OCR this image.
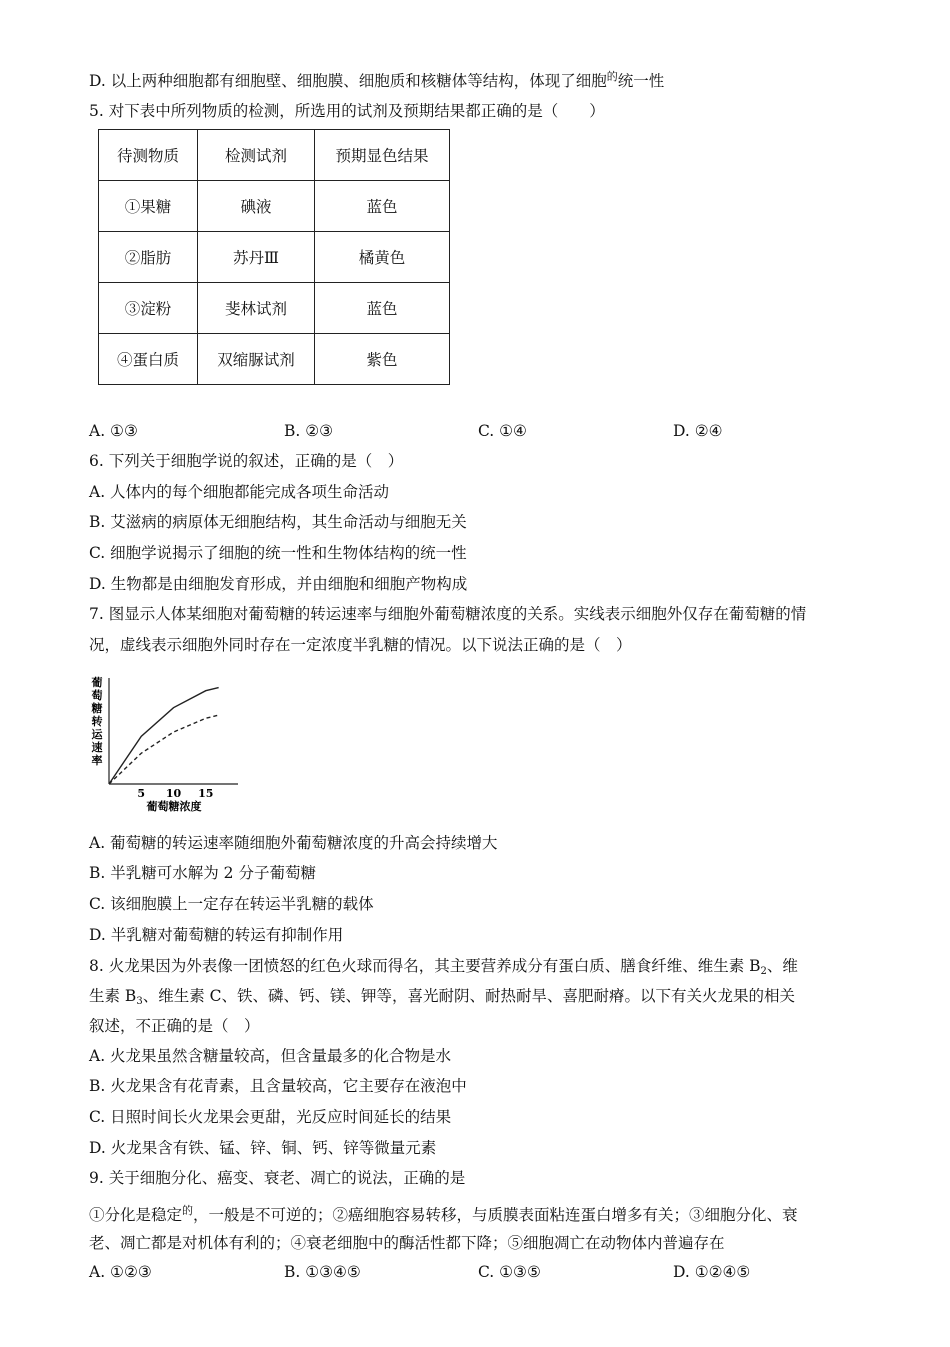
D. 以上两种细胞都有细胞壁、细胞膜、细胞质和核糖体等结构，体现了细胞$^的$统一性
5. 对下表中所列物质的检测，所选用的试剂及预期结果都正确的是（　　）
待测物质	检测试剂	预期显色结果
①果糖	碘液	蓝色
②脂肪	苏丹Ⅲ	橘黄色
③淀粉	斐林试剂	蓝色
④蛋白质	双缩脲试剂	紫色
A. ①③	B. ②③	C. ①④	D. ②④
6. 下列关于细胞学说的叙述，正确的是（　）
A. 人体内的每个细胞都能完成各项生命活动
B. 艾滋病的病原体无细胞结构，其生命活动与细胞无关
C. 细胞学说揭示了细胞的统一性和生物体结构的统一性
D. 生物都是由细胞发育形成，并由细胞和细胞产物构成
7. 图显示人体某细胞对葡萄糖的转运速率与细胞外葡萄糖浓度的关系。实线表示细胞外仅存在葡萄糖的情
况，虚线表示细胞外同时存在一定浓度半乳糖的情况。以下说法正确的是（　）
葡萄糖转运速率
5 10 15
葡萄糖浓度
A. 葡萄糖的转运速率随细胞外葡萄糖浓度的升高会持续增大
B. 半乳糖可水解为 2 分子葡萄糖
C. 该细胞膜上一定存在转运半乳糖的载体
D. 半乳糖对葡萄糖的转运有抑制作用
8. 火龙果因为外表像一团愤怒的红色火球而得名，其主要营养成分有蛋白质、膳食纤维、维生素 B2、维
生素 B3、维生素 C、铁、磷、钙、镁、钾等，喜光耐阴、耐热耐旱、喜肥耐瘠。以下有关火龙果的相关
叙述，不正确的是（　）
A. 火龙果虽然含糖量较高，但含量最多的化合物是水
B. 火龙果含有花青素，且含量较高，它主要存在液泡中
C. 日照时间长火龙果会更甜，光反应时间延长的结果
D. 火龙果含有铁、锰、锌、铜、钙、锌等微量元素
9. 关于细胞分化、癌变、衰老、凋亡的说法，正确的是
①分化是稳定$^的$，一般是不可逆的；②癌细胞容易转移，与质膜表面粘连蛋白增多有关；③细胞分化、衰
老、凋亡都是对机体有利的；④衰老细胞中的酶活性都下降；⑤细胞凋亡在动物体内普遍存在
A. ①②③	B. ①③④⑤	C. ①③⑤	D. ①②④⑤
